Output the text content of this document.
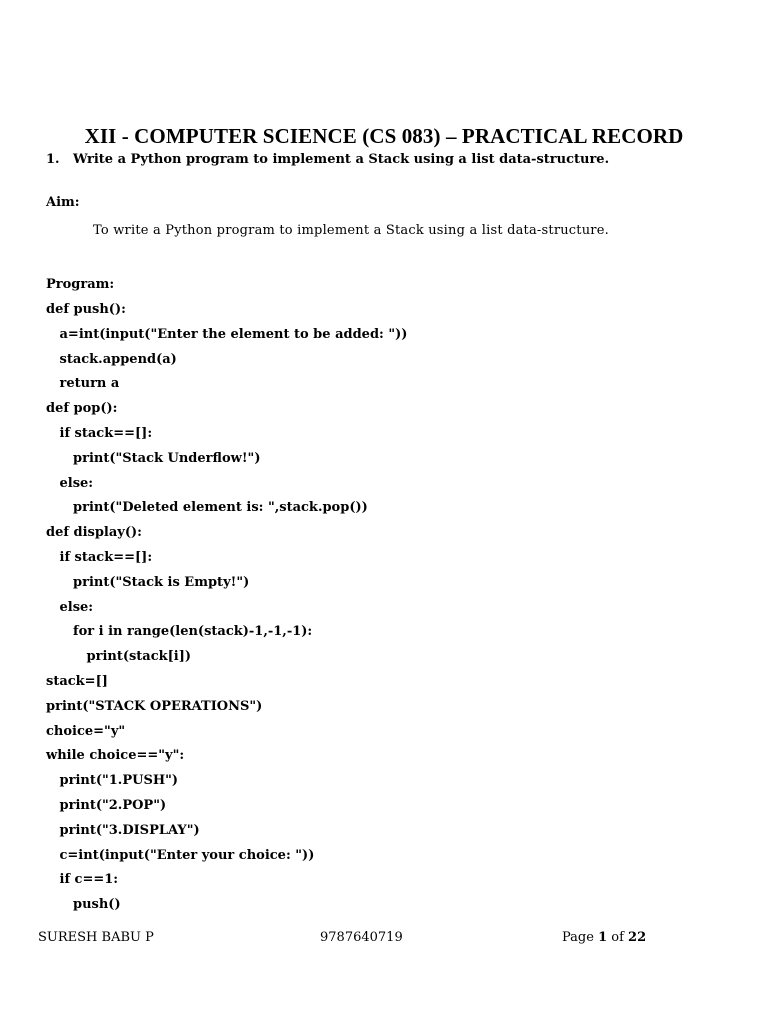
XII - COMPUTER SCIENCE (CS 083) – PRACTICAL RECORD
1. Write a Python program to implement a Stack using a list data-structure.
Aim:
To write a Python program to implement a Stack using a list data-structure.
Program:
def push():
a=int(input("Enter the element to be added: "))
stack.append(a)
return a
def pop():
if stack==[]:
print("Stack Underflow!")
else:
print("Deleted element is: ",stack.pop())
def display():
if stack==[]:
print("Stack is Empty!")
else:
for i in range(len(stack)-1,-1,-1):
print(stack[i])
stack=[]
print("STACK OPERATIONS")
choice="y"
while choice=="y":
print("1.PUSH")
print("2.POP")
print("3.DISPLAY")
c=int(input("Enter your choice: "))
if c==1:
push()
SURESH BABU P	9787640719	Page 1 of 22
